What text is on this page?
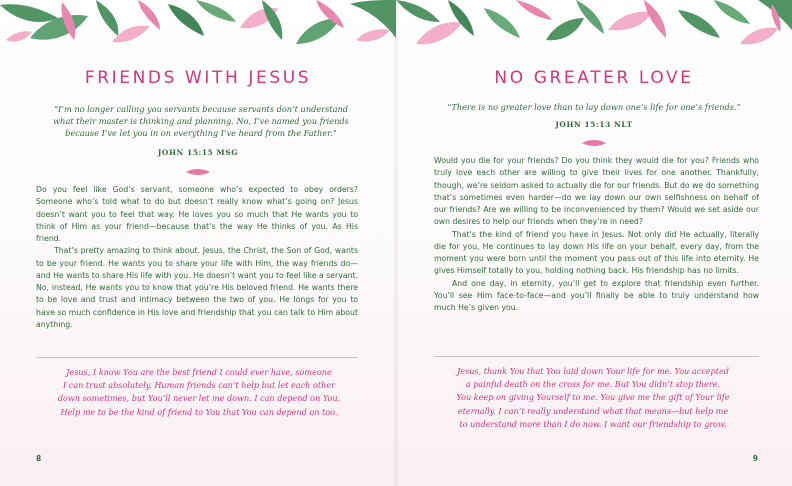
FRIENDS WITH JESUS
“I’m no longer calling you servants because servants don’t understand
what their master is thinking and planning. No, I’ve named you friends
because I’ve let you in on everything I’ve heard from the Father.”

JOHN 15:15 MSG

Do you feel like God’s servant, someone who’s expected to obey orders? Someone who’s told what to do but doesn’t really know what’s going on? Jesus doesn’t want you to feel that way. He loves you so much that He wants you to think of Him as your friend—because that’s the way He thinks of you. As His friend.

That’s pretty amazing to think about. Jesus, the Christ, the Son of God, wants to be your friend. He wants you to share your life with Him, the way friends do—and He wants to share His life with you. He doesn’t want you to feel like a servant. No, instead, He wants you to know that you’re His beloved friend. He wants there to be love and trust and intimacy between the two of you. He longs for you to have so much confidence in His love and friendship that you can talk to Him about anything.

Jesus, I know You are the best friend I could ever have, someone
I can trust absolutely. Human friends can’t help but let each other
down sometimes, but You’ll never let me down. I can depend on You.
Help me to be the kind of friend to You that You can depend on too.

8

NO GREATER LOVE
“There is no greater love than to lay down one’s life for one’s friends.”

JOHN 15:13 NLT

Would you die for your friends? Do you think they would die for you? Friends who truly love each other are willing to give their lives for one another. Thankfully, though, we’re seldom asked to actually die for our friends. But do we do something that’s sometimes even harder—do we lay down our own selfishness on behalf of our friends? Are we willing to be inconvenienced by them? Would we set aside our own desires to help our friends when they’re in need?

That’s the kind of friend you have in Jesus. Not only did He actually, literally die for you, He continues to lay down His life on your behalf, every day, from the moment you were born until the moment you pass out of this life into eternity. He gives Himself totally to you, holding nothing back. His friendship has no limits.

And one day, in eternity, you’ll get to explore that friendship even further. You’ll see Him face-to-face—and you’ll finally be able to truly understand how much He’s given you.

Jesus, thank You that You laid down Your life for me. You accepted
a painful death on the cross for me. But You didn’t stop there.
You keep on giving Yourself to me. You give me the gift of Your life
eternally. I can’t really understand what that means—but help me
to understand more than I do now. I want our friendship to grow.

9
